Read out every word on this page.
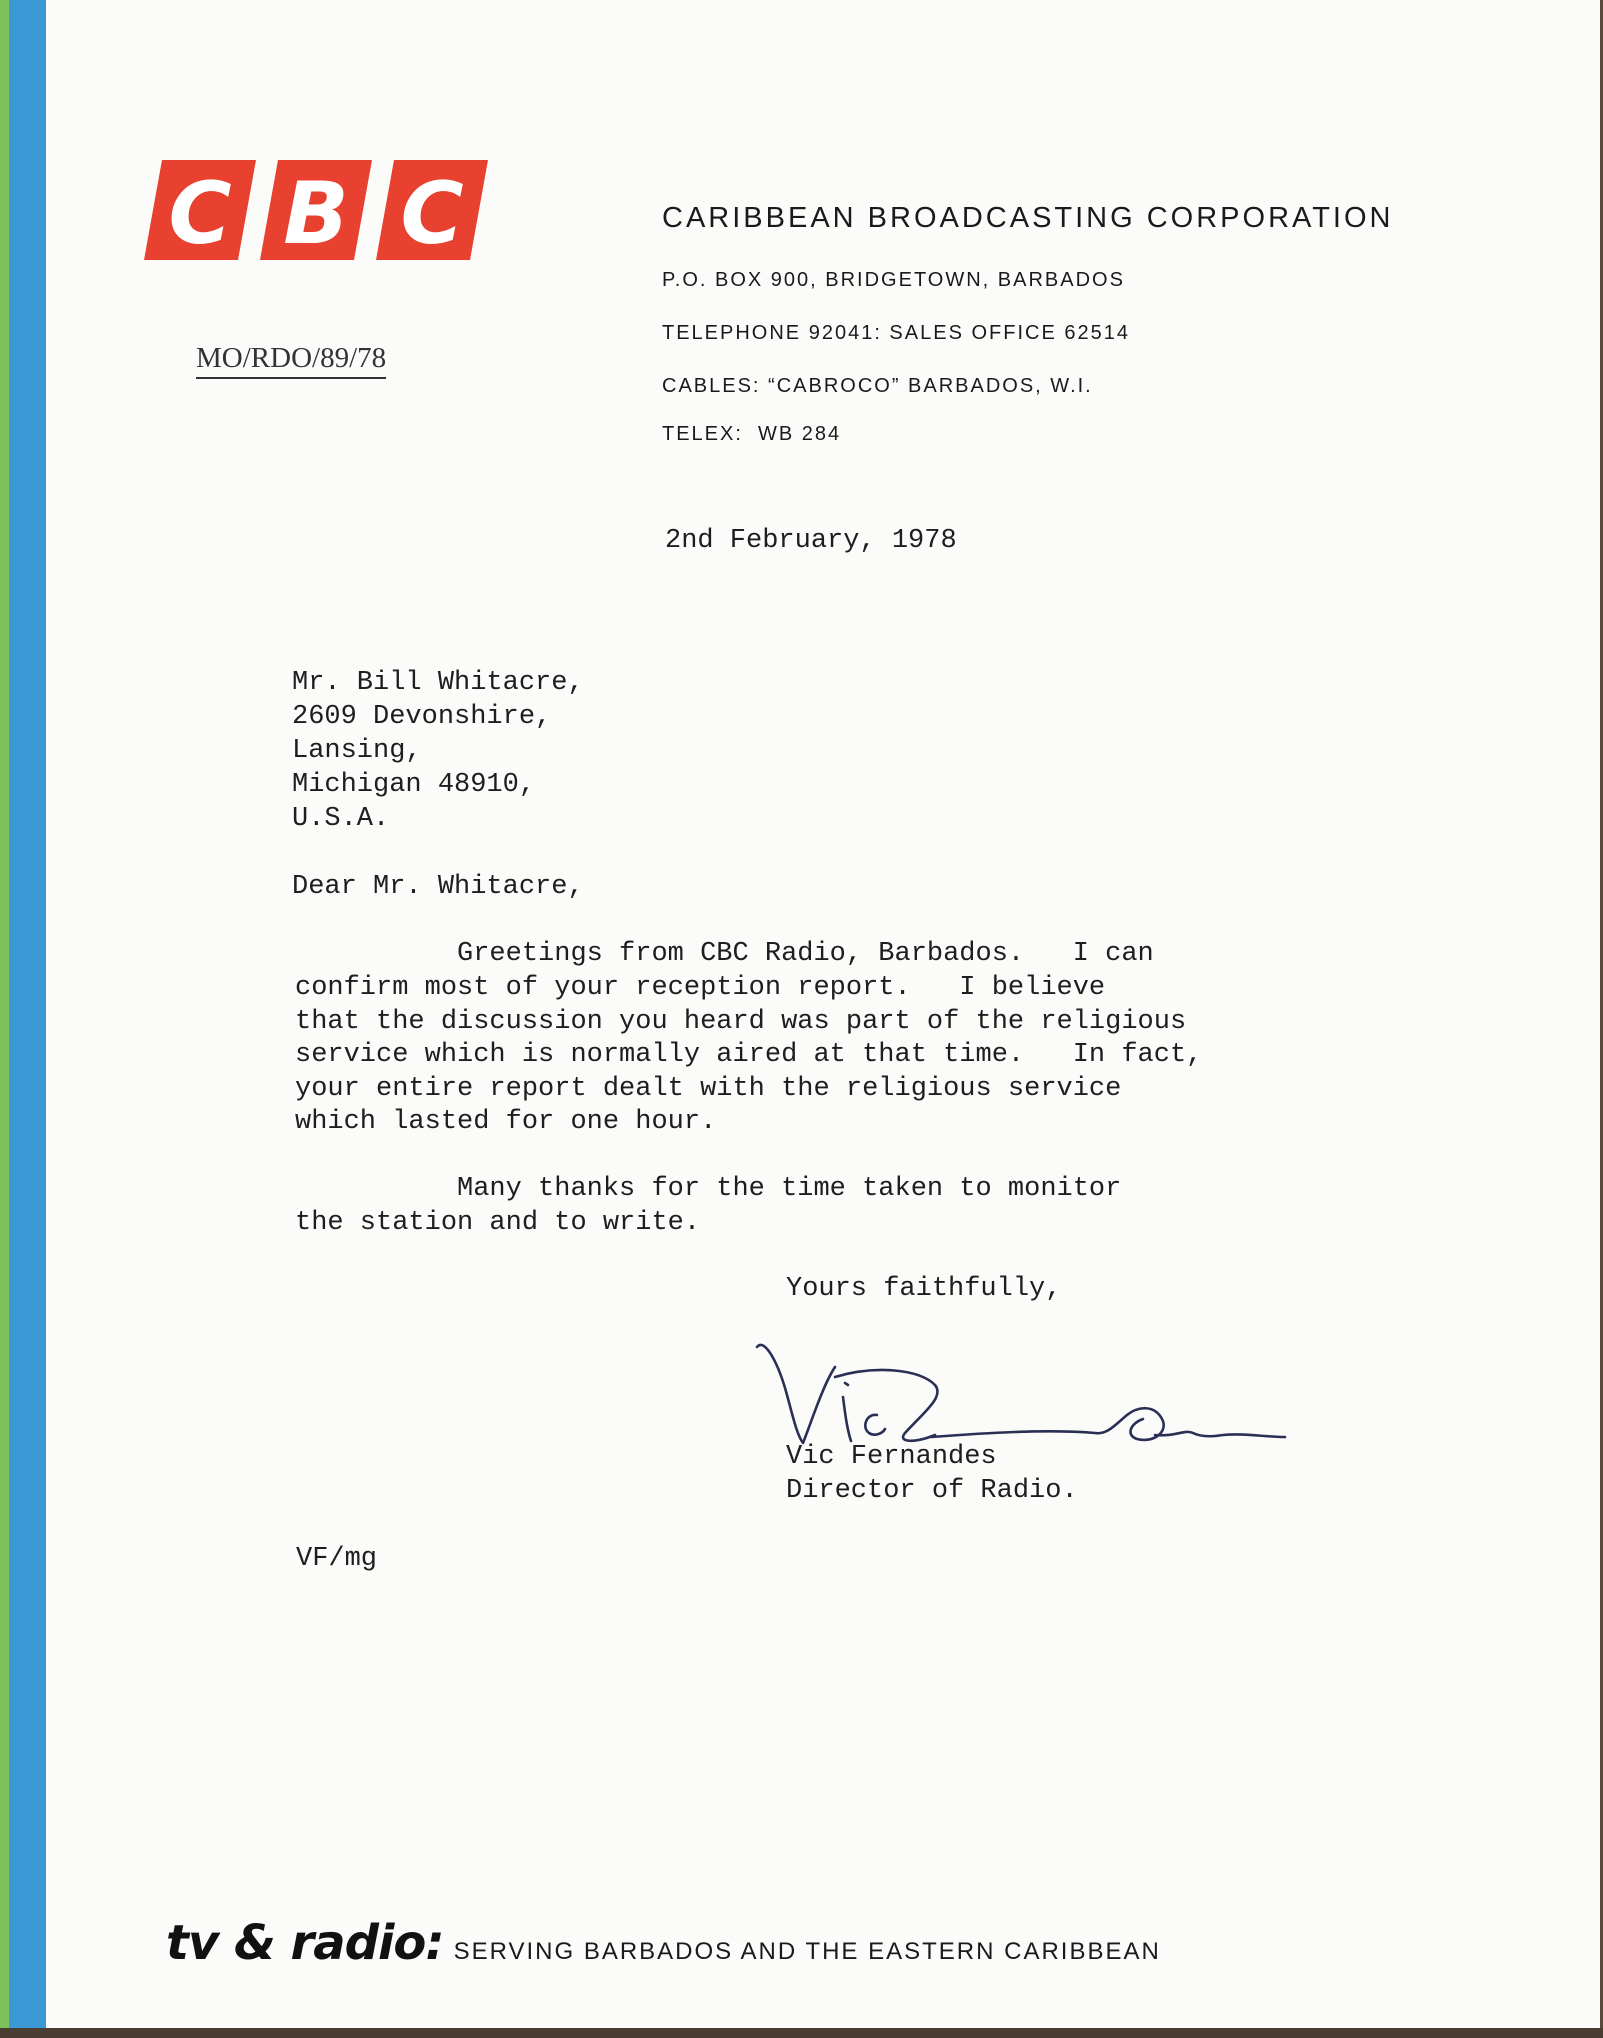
C B C	CARIBBEAN BROADCASTING CORPORATION
P.O. BOX 900, BRIDGETOWN, BARBADOS
TELEPHONE 92041: SALES OFFICE 62514
CABLES: “CABROCO” BARBADOS, W.I.
TELEX:  WB 284
MO/RDO/89/78
2nd February, 1978
Mr. Bill Whitacre,
2609 Devonshire,
Lansing,
Michigan 48910,
U.S.A.
Dear Mr. Whitacre,
Greetings from CBC Radio, Barbados.   I can
confirm most of your reception report.   I believe
that the discussion you heard was part of the religious
service which is normally aired at that time.   In fact,
your entire report dealt with the religious service
which lasted for one hour.
Many thanks for the time taken to monitor
the station and to write.
Yours faithfully,
Vic Fernandes
Director of Radio.
VF/mg
tv & radio: SERVING BARBADOS AND THE EASTERN CARIBBEAN
